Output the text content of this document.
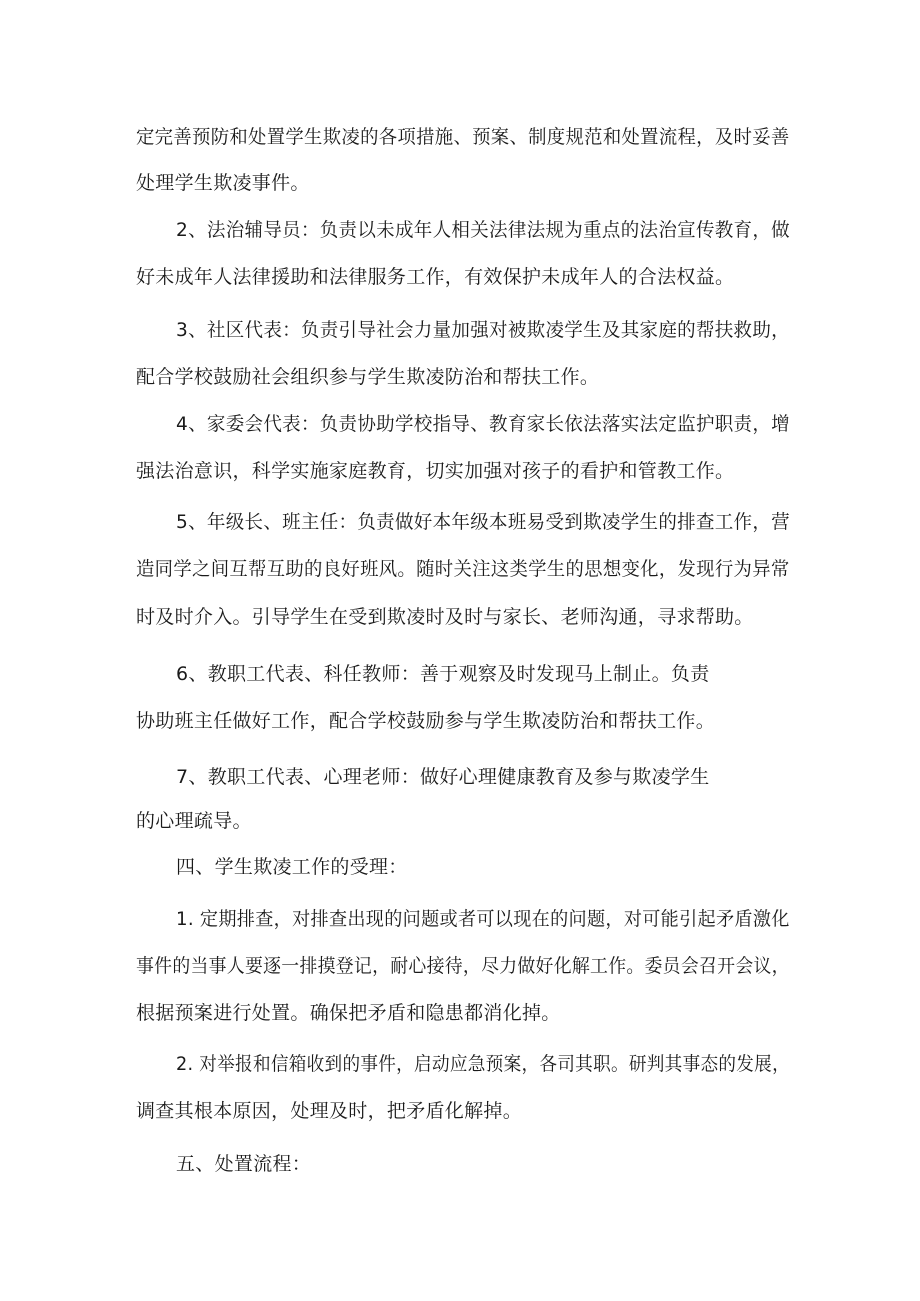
定完善预防和处置学生欺凌的各项措施、预案、制度规范和处置流程，及时妥善
处理学生欺凌事件。
2、法治辅导员：负责以未成年人相关法律法规为重点的法治宣传教育，做
好未成年人法律援助和法律服务工作，有效保护未成年人的合法权益。
3、社区代表：负责引导社会力量加强对被欺凌学生及其家庭的帮扶救助，
配合学校鼓励社会组织参与学生欺凌防治和帮扶工作。
4、家委会代表：负责协助学校指导、教育家长依法落实法定监护职责，增
强法治意识，科学实施家庭教育，切实加强对孩子的看护和管教工作。
5、年级长、班主任：负责做好本年级本班易受到欺凌学生的排查工作，营
造同学之间互帮互助的良好班风。随时关注这类学生的思想变化，发现行为异常
时及时介入。引导学生在受到欺凌时及时与家长、老师沟通，寻求帮助。
6、教职工代表、科任教师：善于观察及时发现马上制止。负责
协助班主任做好工作，配合学校鼓励参与学生欺凌防治和帮扶工作。
7、教职工代表、心理老师：做好心理健康教育及参与欺凌学生
的心理疏导。
四、学生欺凌工作的受理：
1. 定期排查，对排查出现的问题或者可以现在的问题，对可能引起矛盾激化
事件的当事人要逐一排摸登记，耐心接待，尽力做好化解工作。委员会召开会议，
根据预案进行处置。确保把矛盾和隐患都消化掉。
2. 对举报和信箱收到的事件，启动应急预案，各司其职。研判其事态的发展，
调查其根本原因，处理及时，把矛盾化解掉。
五、处置流程：
